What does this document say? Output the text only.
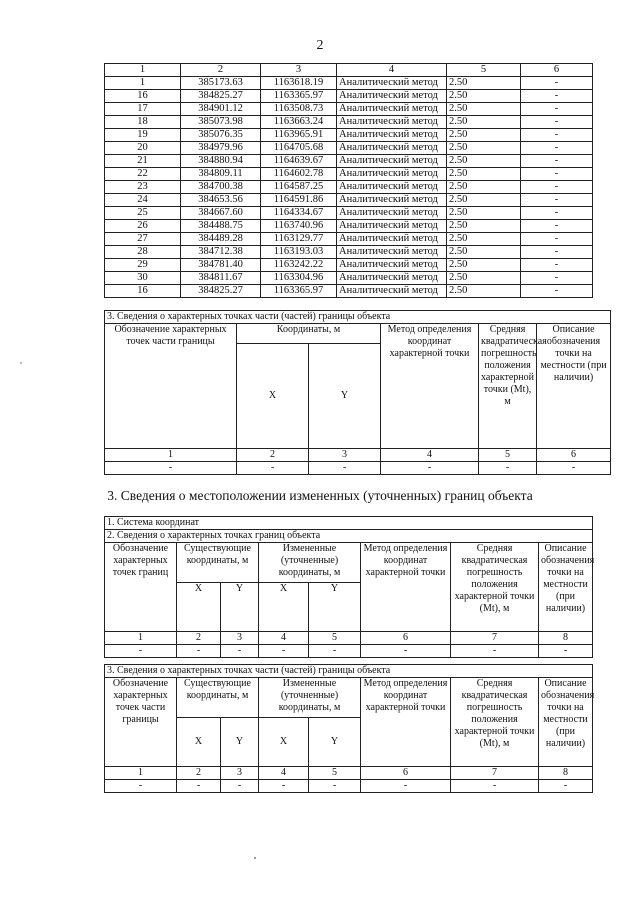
2
1	2	3	4	5	6
1	385173.63	1163618.19	Аналитический метод	2.50	-
16	384825.27	1163365.97	Аналитический метод	2.50	-
17	384901.12	1163508.73	Аналитический метод	2.50	-
18	385073.98	1163663.24	Аналитический метод	2.50	-
19	385076.35	1163965.91	Аналитический метод	2.50	-
20	384979.96	1164705.68	Аналитический метод	2.50	-
21	384880.94	1164639.67	Аналитический метод	2.50	-
22	384809.11	1164602.78	Аналитический метод	2.50	-
23	384700.38	1164587.25	Аналитический метод	2.50	-
24	384653.56	1164591.86	Аналитический метод	2.50	-
25	384667.60	1164334.67	Аналитический метод	2.50	-
26	384488.75	1163740.96	Аналитический метод	2.50	-
27	384489.28	1163129.77	Аналитический метод	2.50	-
28	384712.38	1163193.03	Аналитический метод	2.50	-
29	384781.40	1163242.22	Аналитический метод	2.50	-
30	384811.67	1163304.96	Аналитический метод	2.50	-
16	384825.27	1163365.97	Аналитический метод	2.50	-
3. Сведения о характерных точках части (частей) границы объекта					
Обозначение характерных точек части границы	Координаты, м		Метод определения координат характерной точки	Средняя квадратическая погрешность положения характерной точки (Мt), м	Описание обозначения точки на местности (при наличии)
	X	Y			
1	2	3	4	5	6
-	-	-	-	-	-
3. Сведения о местоположении измененных (уточненных) границ объекта
1. Система координат							
2. Сведения о характерных точках границ объекта							
Обозначение характерных точек границ	Существующие координаты, м		Измененные (уточненные) координаты, м		Метод определения координат характерной точки	Средняя квадратическая погрешность положения характерной точки (Мt), м	Описание обозначения точки на местности (при наличии)
	X	Y	X	Y			
1	2	3	4	5	6	7	8
-	-	-	-	-	-	-	-
3. Сведения о характерных точках части (частей) границы объекта							
Обозначение характерных точек части границы	Существующие координаты, м		Измененные (уточненные) координаты, м		Метод определения координат характерной точки	Средняя квадратическая погрешность положения характерной точки (Мt), м	Описание обозначения точки на местности (при наличии)
	X	Y	X	Y			
1	2	3	4	5	6	7	8
-	-	-	-	-	-	-	-
